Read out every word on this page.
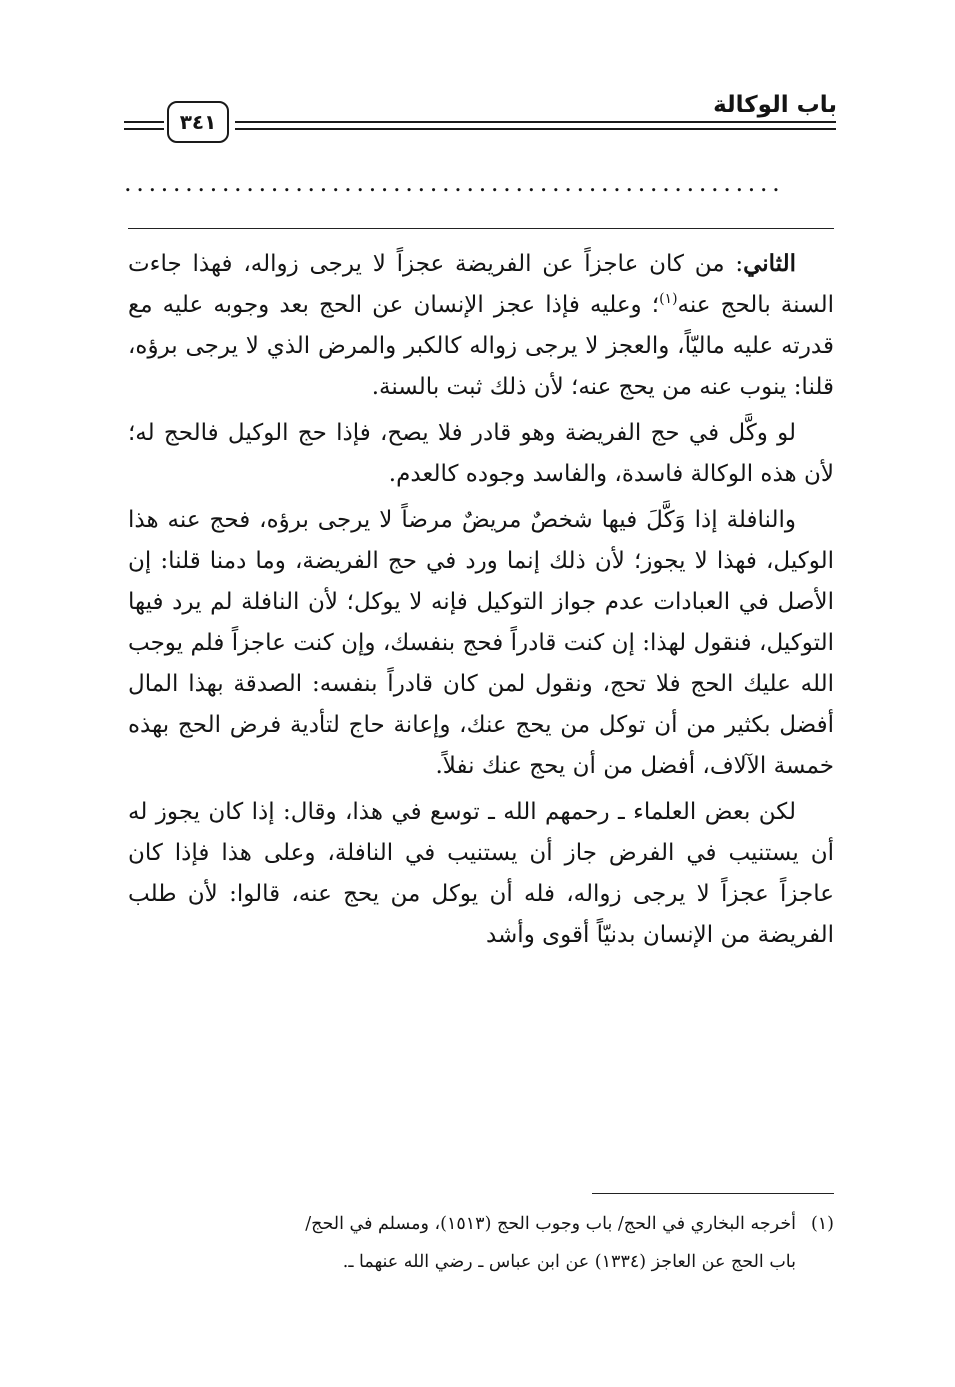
باب الوكالة
٣٤١
......................................................

الثاني: من كان عاجزاً عن الفريضة عجزاً لا يرجى زواله، فهذا جاءت السنة بالحج عنه$^{(١)}$؛ وعليه فإذا عجز الإنسان عن الحج بعد وجوبه عليه مع قدرته عليه ماليّاً، والعجز لا يرجى زواله كالكبر والمرض الذي لا يرجى برؤه، قلنا: ينوب عنه من يحج عنه؛ لأن ذلك ثبت بالسنة.

لو وكَّل في حج الفريضة وهو قادر فلا يصح، فإذا حج الوكيل فالحج له؛ لأن هذه الوكالة فاسدة، والفاسد وجوده كالعدم.

والنافلة إذا وَكَّلَ فيها شخصٌ مريضٌ مرضاً لا يرجى برؤه، فحج عنه هذا الوكيل، فهذا لا يجوز؛ لأن ذلك إنما ورد في حج الفريضة، وما دمنا قلنا: إن الأصل في العبادات عدم جواز التوكيل فإنه لا يوكل؛ لأن النافلة لم يرد فيها التوكيل، فنقول لهذا: إن كنت قادراً فحج بنفسك، وإن كنت عاجزاً فلم يوجب الله عليك الحج فلا تحج، ونقول لمن كان قادراً بنفسه: الصدقة بهذا المال أفضل بكثير من أن توكل من يحج عنك، وإعانة حاج لتأدية فرض الحج بهذه خمسة الآلاف، أفضل من أن يحج عنك نفلاً.

لكن بعض العلماء ـ رحمهم الله ـ توسع في هذا، وقال: إذا كان يجوز له أن يستنيب في الفرض جاز أن يستنيب في النافلة، وعلى هذا فإذا كان عاجزاً عجزاً لا يرجى زواله، فله أن يوكل من يحج عنه، قالوا: لأن طلب الفريضة من الإنسان بدنيّاً أقوى وأشد

(١)أخرجه البخاري في الحج/ باب وجوب الحج (١٥١٣)، ومسلم في الحج/
باب الحج عن العاجز (١٣٣٤) عن ابن عباس ـ رضي الله عنهما ـ.
